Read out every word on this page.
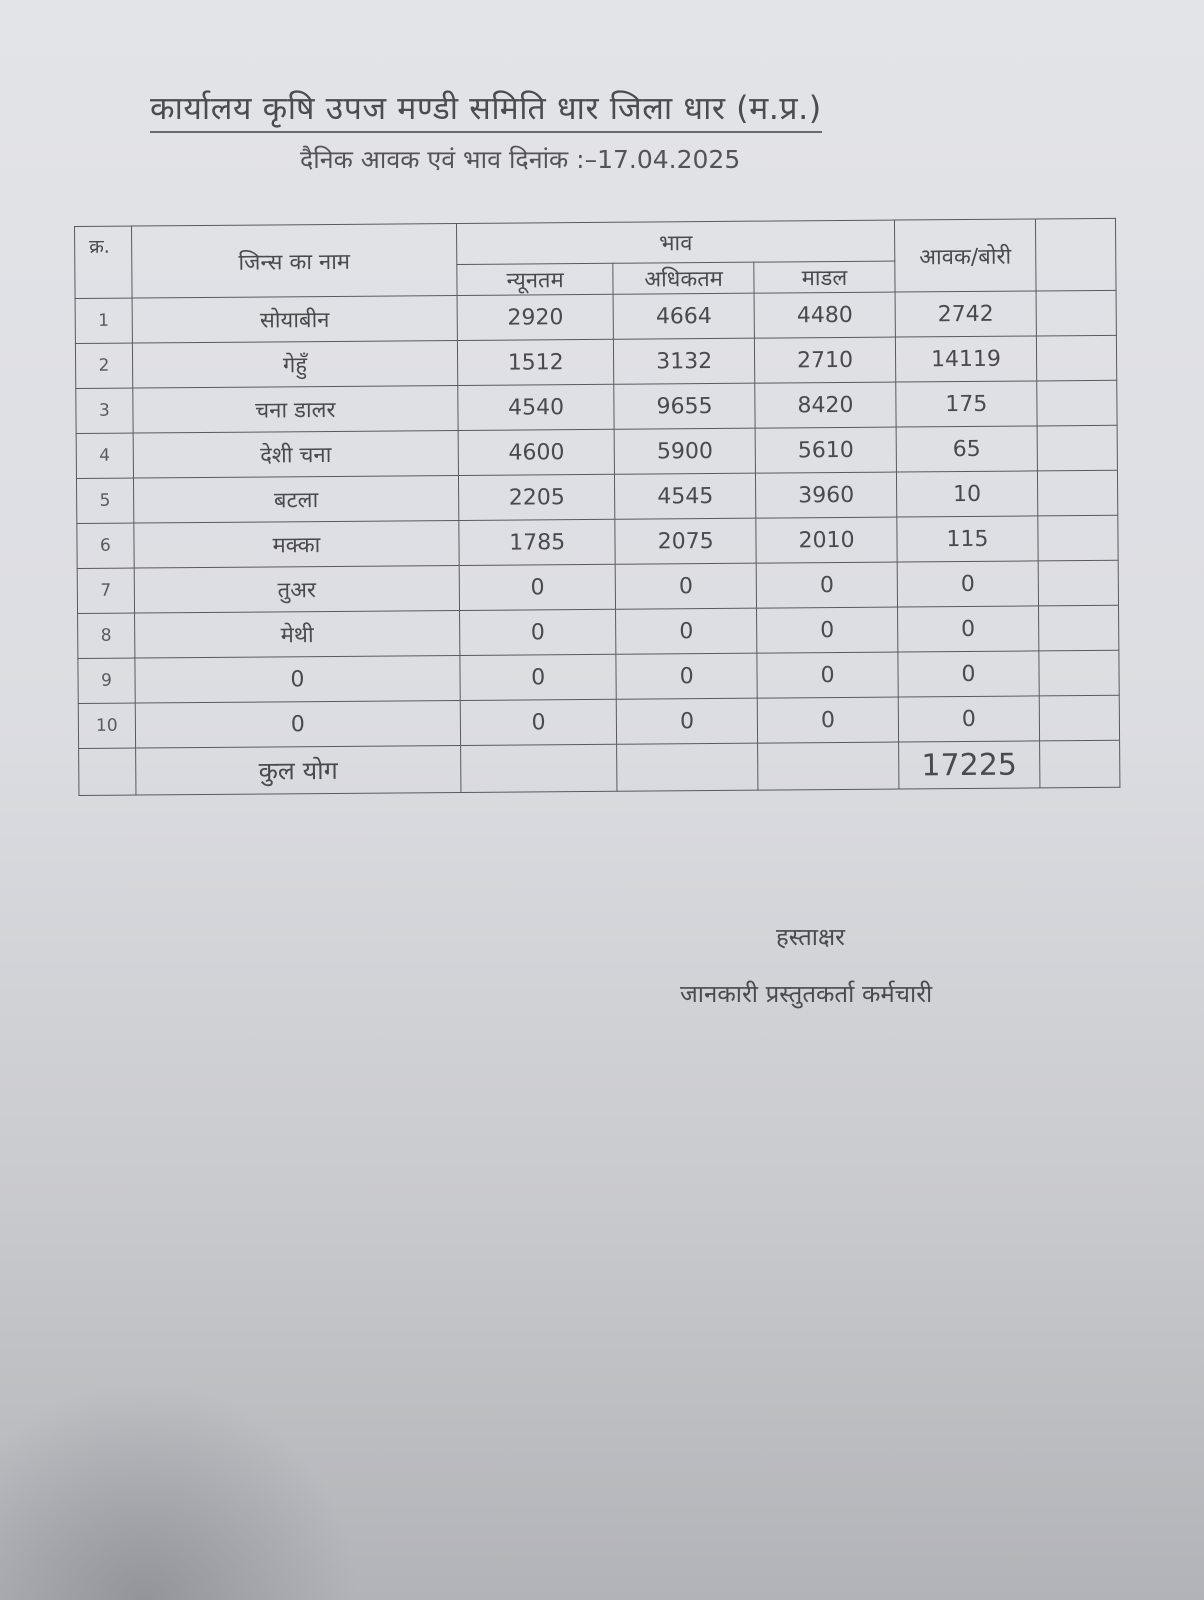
कार्यालय कृषि उपज मण्डी समिति धार जिला धार (म.प्र.)
दैनिक आवक एवं भाव दिनांक :–17.04.2025
क्र.	जिन्स का नाम	भाव			आवक/बोरी	
		न्यूनतम	अधिकतम	माडल		
1	सोयाबीन	2920	4664	4480	2742	
2	गेहुँ	1512	3132	2710	14119	
3	चना डालर	4540	9655	8420	175	
4	देशी चना	4600	5900	5610	65	
5	बटला	2205	4545	3960	10	
6	मक्का	1785	2075	2010	115	
7	तुअर	0	0	0	0	
8	मेथी	0	0	0	0	
9	0	0	0	0	0	
10	0	0	0	0	0	
	कुल योग				17225	
हस्ताक्षर
जानकारी प्रस्तुतकर्ता कर्मचारी
